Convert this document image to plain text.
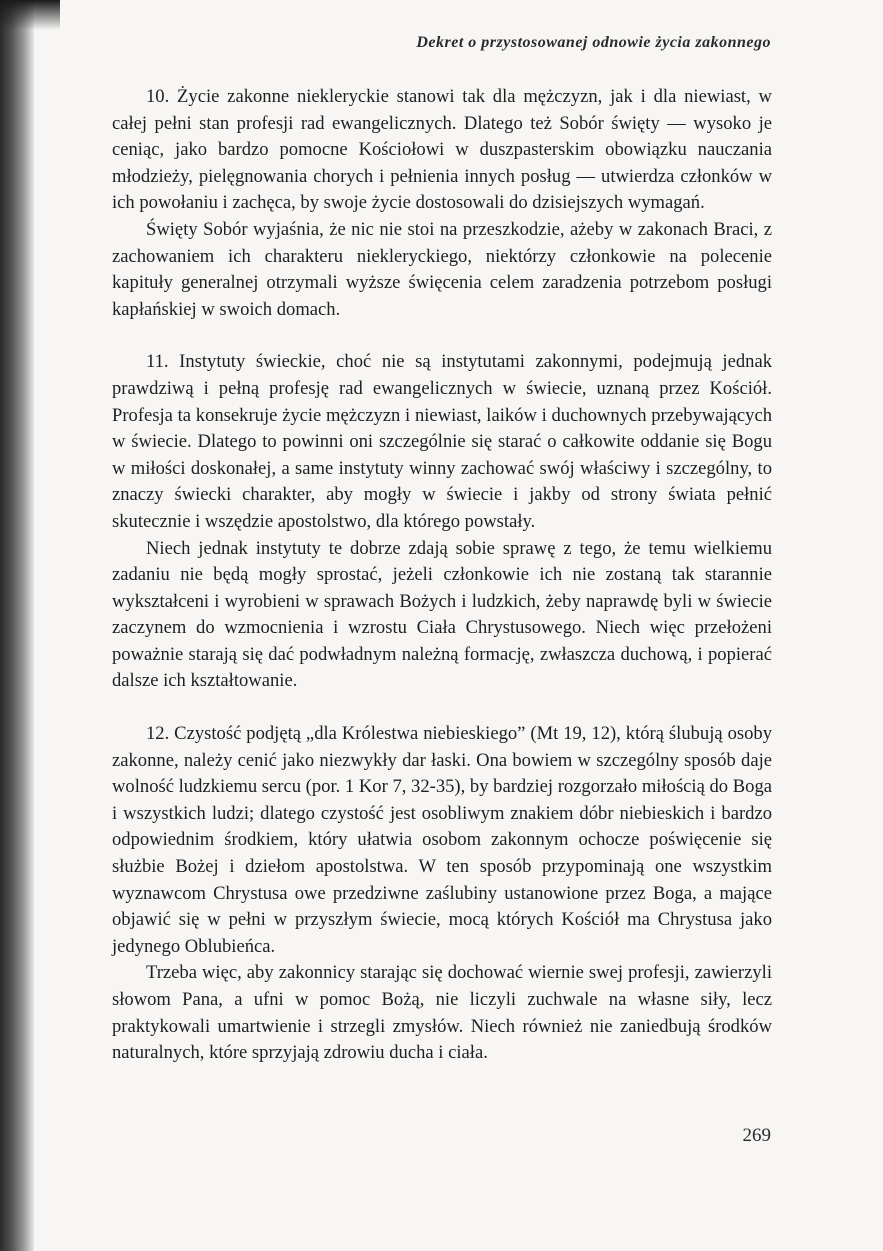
Dekret o przystosowanej odnowie życia zakonnego

10. Życie zakonne niekleryckie stanowi tak dla mężczyzn, jak i dla niewiast, w całej pełni stan profesji rad ewangelicznych. Dlatego też Sobór święty — wysoko je ceniąc, jako bardzo pomocne Kościołowi w duszpasterskim obowiązku nauczania młodzieży, pielęgnowania chorych i pełnienia innych posług — utwierdza członków w ich powołaniu i zachęca, by swoje życie dostosowali do dzisiejszych wymagań.

Święty Sobór wyjaśnia, że nic nie stoi na przeszkodzie, ażeby w zakonach Braci, z zachowaniem ich charakteru niekleryckiego, niektórzy członkowie na polecenie kapituły generalnej otrzymali wyższe święcenia celem zaradzenia potrzebom posługi kapłańskiej w swoich domach.

11. Instytuty świeckie, choć nie są instytutami zakonnymi, podejmują jednak prawdziwą i pełną profesję rad ewangelicznych w świecie, uznaną przez Kościół. Profesja ta konsekruje życie mężczyzn i niewiast, laików i duchownych przebywających w świecie. Dlatego to powinni oni szczególnie się starać o całkowite oddanie się Bogu w miłości doskonałej, a same instytuty winny zachować swój właściwy i szczególny, to znaczy świecki charakter, aby mogły w świecie i jakby od strony świata pełnić skutecznie i wszędzie apostolstwo, dla którego powstały.

Niech jednak instytuty te dobrze zdają sobie sprawę z tego, że temu wielkiemu zadaniu nie będą mogły sprostać, jeżeli członkowie ich nie zostaną tak starannie wykształceni i wyrobieni w sprawach Bożych i ludzkich, żeby naprawdę byli w świecie zaczynem do wzmocnienia i wzrostu Ciała Chrystusowego. Niech więc przełożeni poważnie starają się dać podwładnym należną formację, zwłaszcza duchową, i popierać dalsze ich kształtowanie.

12. Czystość podjętą „dla Królestwa niebieskiego” (Mt 19, 12), którą ślubują osoby zakonne, należy cenić jako niezwykły dar łaski. Ona bowiem w szczególny sposób daje wolność ludzkiemu sercu (por. 1 Kor 7, 32-35), by bardziej rozgorzało miłością do Boga i wszystkich ludzi; dlatego czystość jest osobliwym znakiem dóbr niebieskich i bardzo odpowiednim środkiem, który ułatwia osobom zakonnym ochocze poświęcenie się służbie Bożej i dziełom apostolstwa. W ten sposób przypominają one wszystkim wyznawcom Chrystusa owe przedziwne zaślubiny ustanowione przez Boga, a mające objawić się w pełni w przyszłym świecie, mocą których Kościół ma Chrystusa jako jedynego Oblubieńca.

Trzeba więc, aby zakonnicy starając się dochować wiernie swej profesji, zawierzyli słowom Pana, a ufni w pomoc Bożą, nie liczyli zuchwale na własne siły, lecz praktykowali umartwienie i strzegli zmysłów. Niech również nie zaniedbują środków naturalnych, które sprzyjają zdrowiu ducha i ciała.

269
